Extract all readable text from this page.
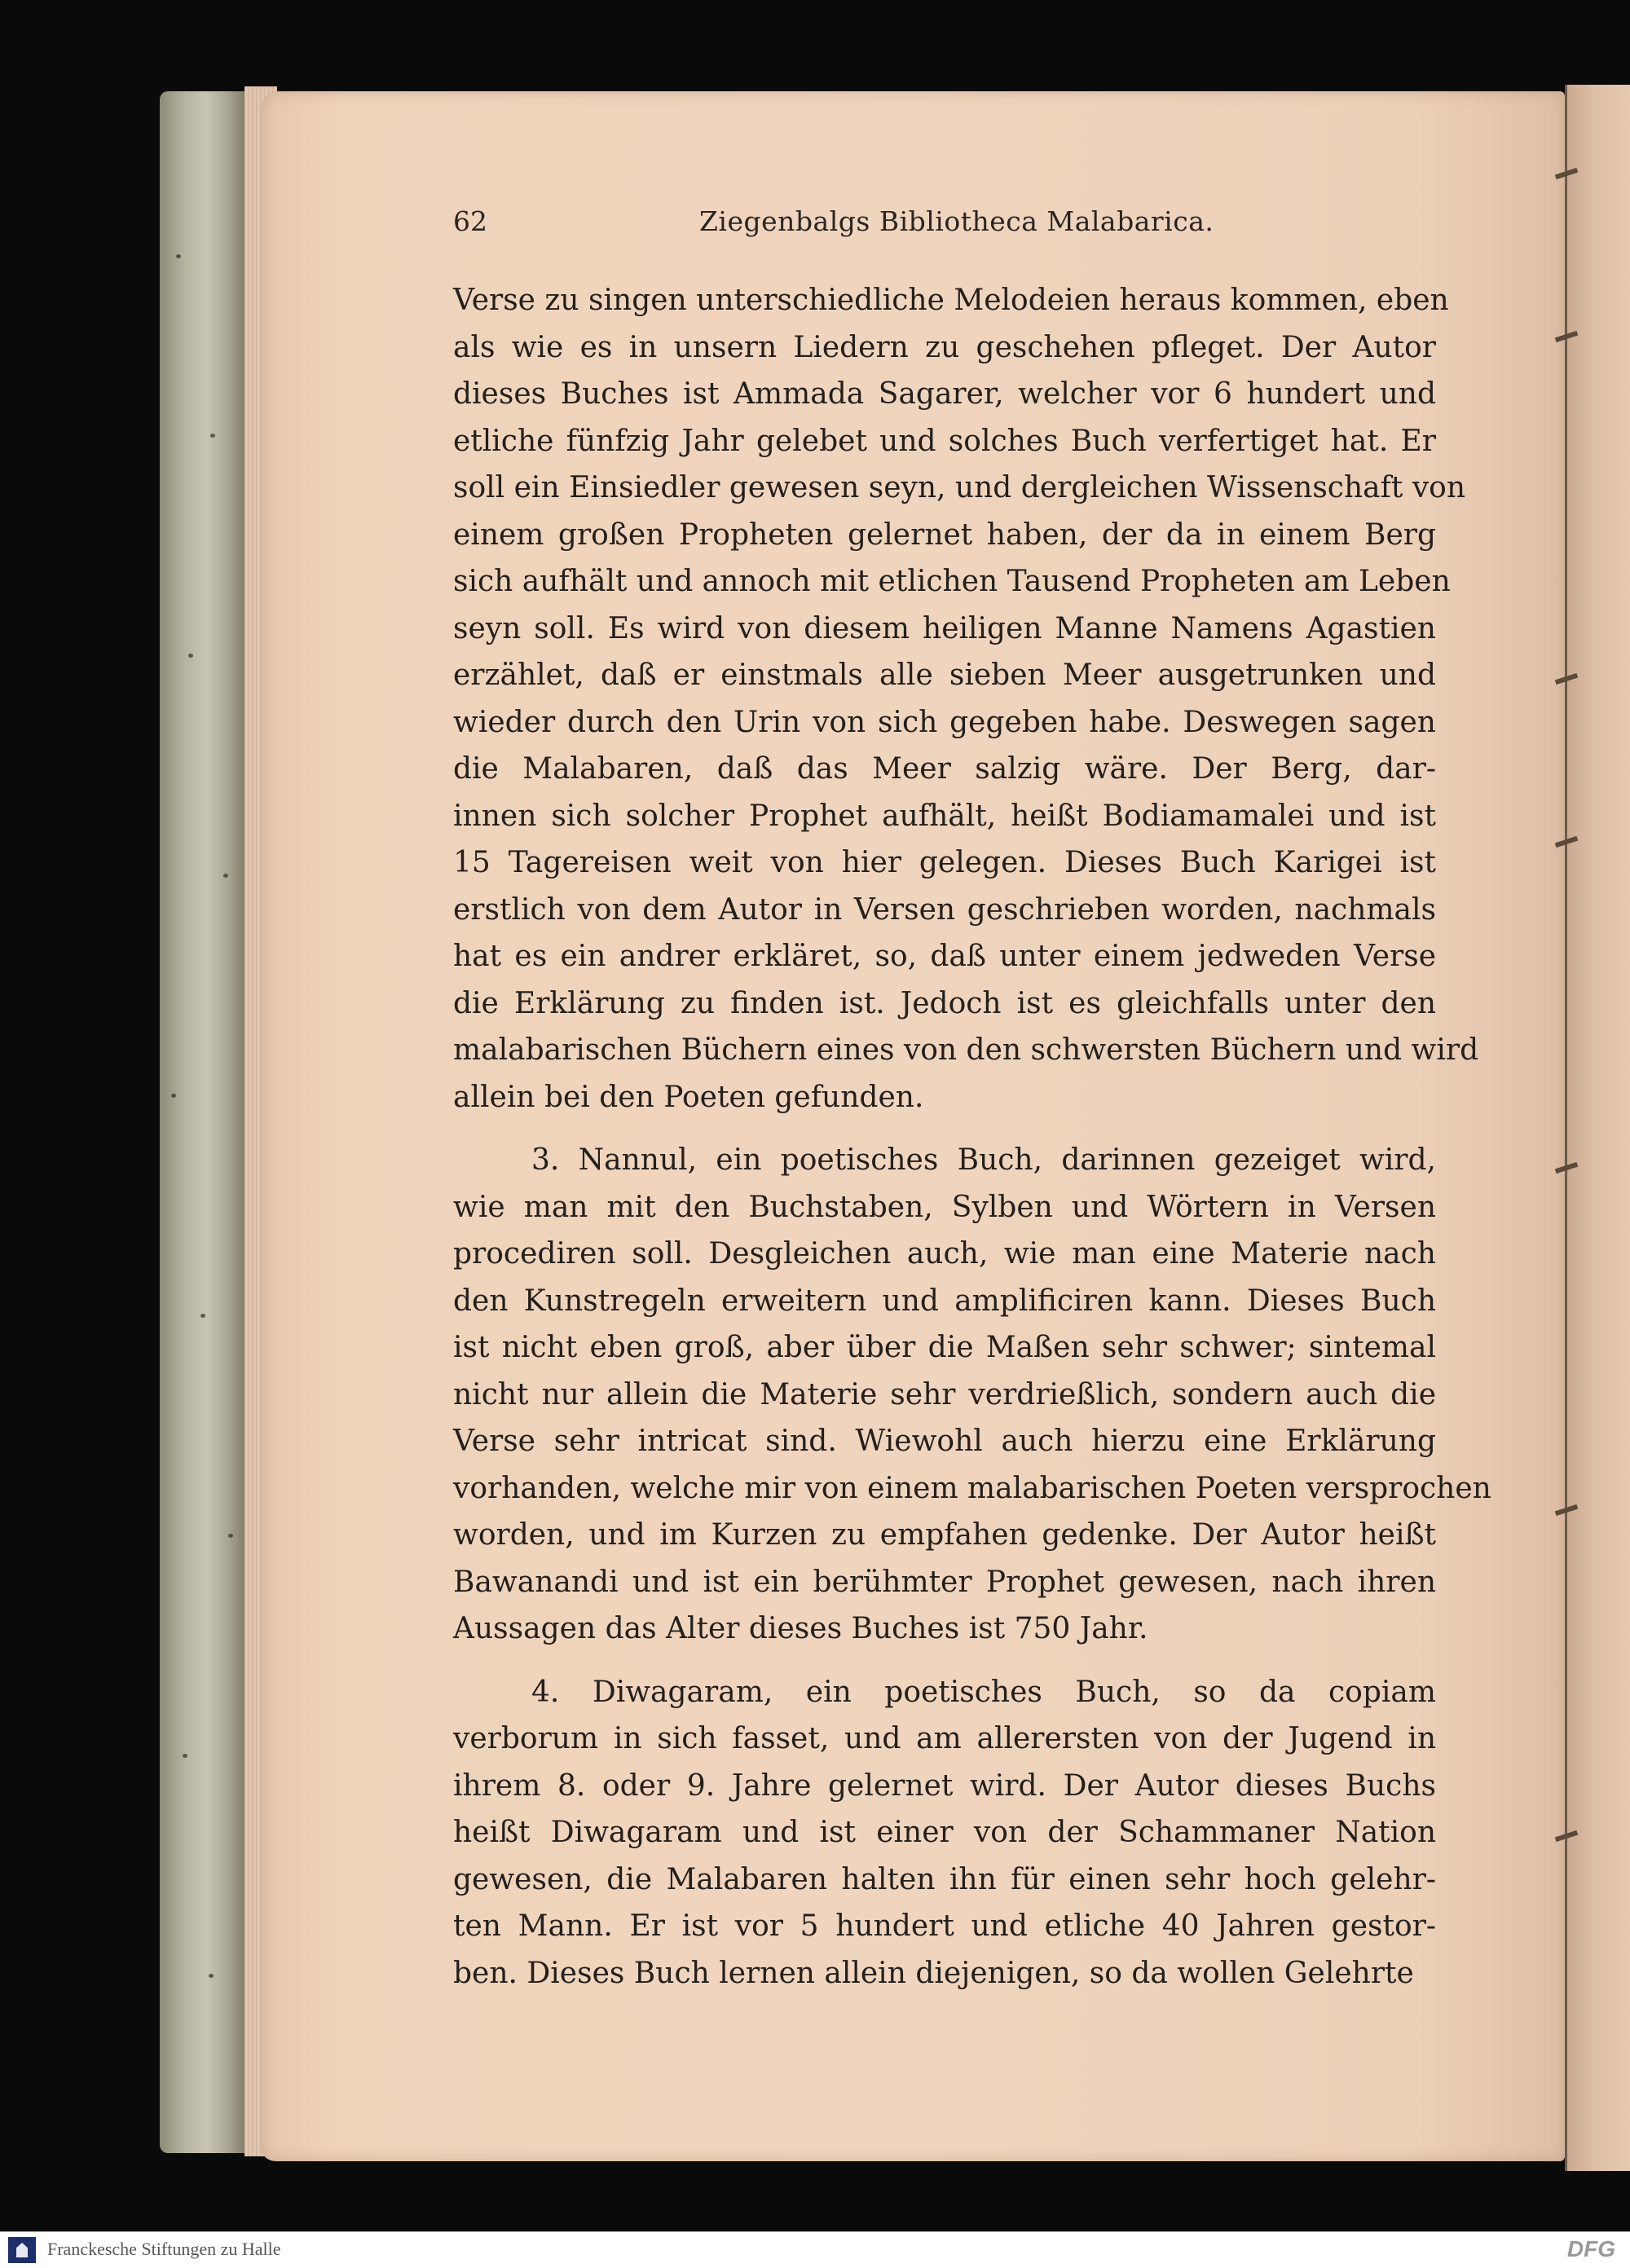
62	Ziegenbalgs Bibliotheca Malabarica.

Verse zu singen unterschiedliche Melodeien heraus kommen, eben

als wie es in unsern Liedern zu geschehen pfleget. Der Autor

dieses Buches ist Ammada Sagarer, welcher vor 6 hundert und

etliche fünfzig Jahr gelebet und solches Buch verfertiget hat. Er

soll ein Einsiedler gewesen seyn, und dergleichen Wissenschaft von

einem großen Propheten gelernet haben, der da in einem Berg

sich aufhält und annoch mit etlichen Tausend Propheten am Leben

seyn soll. Es wird von diesem heiligen Manne Namens Agastien

erzählet, daß er einstmals alle sieben Meer ausgetrunken und

wieder durch den Urin von sich gegeben habe. Deswegen sagen

die Malabaren, daß das Meer salzig wäre. Der Berg, dar-

innen sich solcher Prophet aufhält, heißt Bodiamamalei und ist

15 Tagereisen weit von hier gelegen. Dieses Buch Karigei ist

erstlich von dem Autor in Versen geschrieben worden, nachmals

hat es ein andrer erkläret, so, daß unter einem jedweden Verse

die Erklärung zu finden ist. Jedoch ist es gleichfalls unter den

malabarischen Büchern eines von den schwersten Büchern und wird

allein bei den Poeten gefunden.

3. Nannul, ein poetisches Buch, darinnen gezeiget wird,

wie man mit den Buchstaben, Sylben und Wörtern in Versen

procediren soll. Desgleichen auch, wie man eine Materie nach

den Kunstregeln erweitern und amplificiren kann. Dieses Buch

ist nicht eben groß, aber über die Maßen sehr schwer; sintemal

nicht nur allein die Materie sehr verdrießlich, sondern auch die

Verse sehr intricat sind. Wiewohl auch hierzu eine Erklärung

vorhanden, welche mir von einem malabarischen Poeten versprochen

worden, und im Kurzen zu empfahen gedenke. Der Autor heißt

Bawanandi und ist ein berühmter Prophet gewesen, nach ihren

Aussagen das Alter dieses Buches ist 750 Jahr.

4. Diwagaram, ein poetisches Buch, so da copiam

verborum in sich fasset, und am allerersten von der Jugend in

ihrem 8. oder 9. Jahre gelernet wird. Der Autor dieses Buchs

heißt Diwagaram und ist einer von der Schammaner Nation

gewesen, die Malabaren halten ihn für einen sehr hoch gelehr-

ten Mann. Er ist vor 5 hundert und etliche 40 Jahren gestor-

ben. Dieses Buch lernen allein diejenigen, so da wollen Gelehrte

Franckesche Stiftungen zu Halle	DFG
